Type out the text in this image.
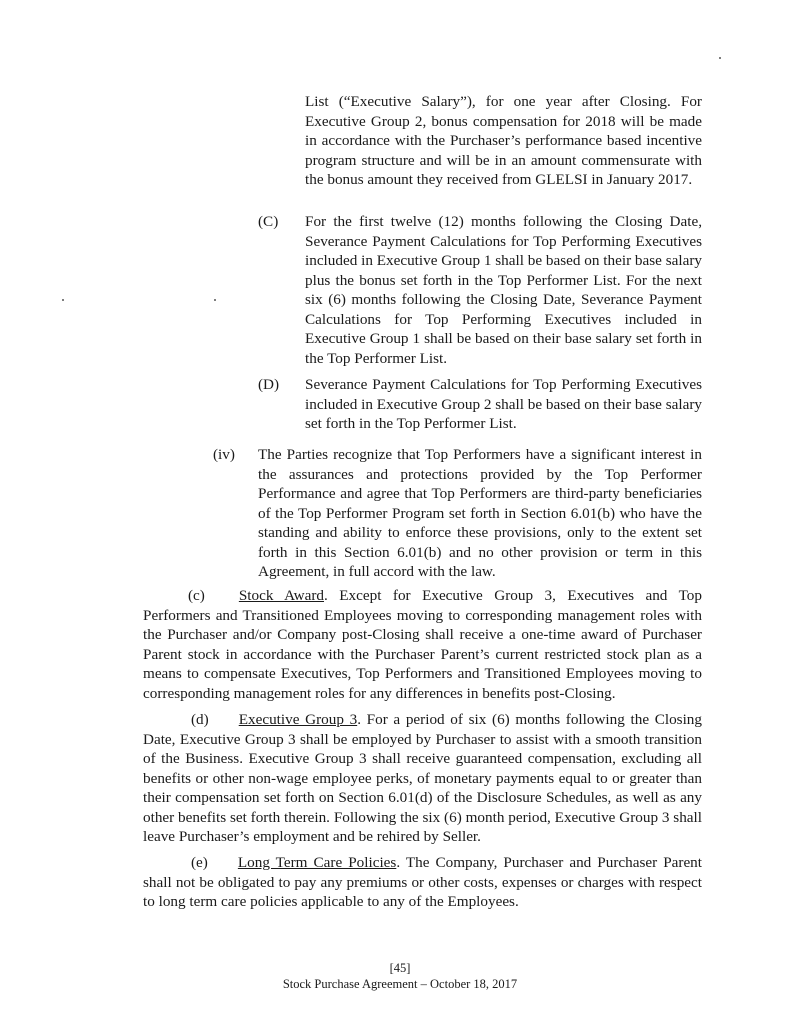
List (“Executive Salary”), for one year after Closing. For Executive Group 2, bonus compensation for 2018 will be made in accordance with the Purchaser’s performance based incentive program structure and will be in an amount commensurate with the bonus amount they received from GLELSI in January 2017.

(C) For the first twelve (12) months following the Closing Date, Severance Payment Calculations for Top Performing Executives included in Executive Group 1 shall be based on their base salary plus the bonus set forth in the Top Performer List. For the next six (6) months following the Closing Date, Severance Payment Calculations for Top Performing Executives included in Executive Group 1 shall be based on their base salary set forth in the Top Performer List.

(D) Severance Payment Calculations for Top Performing Executives included in Executive Group 2 shall be based on their base salary set forth in the Top Performer List.

(iv) The Parties recognize that Top Performers have a significant interest in the assurances and protections provided by the Top Performer Performance and agree that Top Performers are third-party beneficiaries of the Top Performer Program set forth in Section 6.01(b) who have the standing and ability to enforce these provisions, only to the extent set forth in this Section 6.01(b) and no other provision or term in this Agreement, in full accord with the law.

(c) Stock Award. Except for Executive Group 3, Executives and Top Performers and Transitioned Employees moving to corresponding management roles with the Purchaser and/or Company post-Closing shall receive a one-time award of Purchaser Parent stock in accordance with the Purchaser Parent’s current restricted stock plan as a means to compensate Executives, Top Performers and Transitioned Employees moving to corresponding management roles for any differences in benefits post-Closing.

(d) Executive Group 3. For a period of six (6) months following the Closing Date, Executive Group 3 shall be employed by Purchaser to assist with a smooth transition of the Business. Executive Group 3 shall receive guaranteed compensation, excluding all benefits or other non-wage employee perks, of monetary payments equal to or greater than their compensation set forth on Section 6.01(d) of the Disclosure Schedules, as well as any other benefits set forth therein. Following the six (6) month period, Executive Group 3 shall leave Purchaser’s employment and be rehired by Seller.

(e) Long Term Care Policies. The Company, Purchaser and Purchaser Parent shall not be obligated to pay any premiums or other costs, expenses or charges with respect to long term care policies applicable to any of the Employees.

[45]
Stock Purchase Agreement – October 18, 2017
